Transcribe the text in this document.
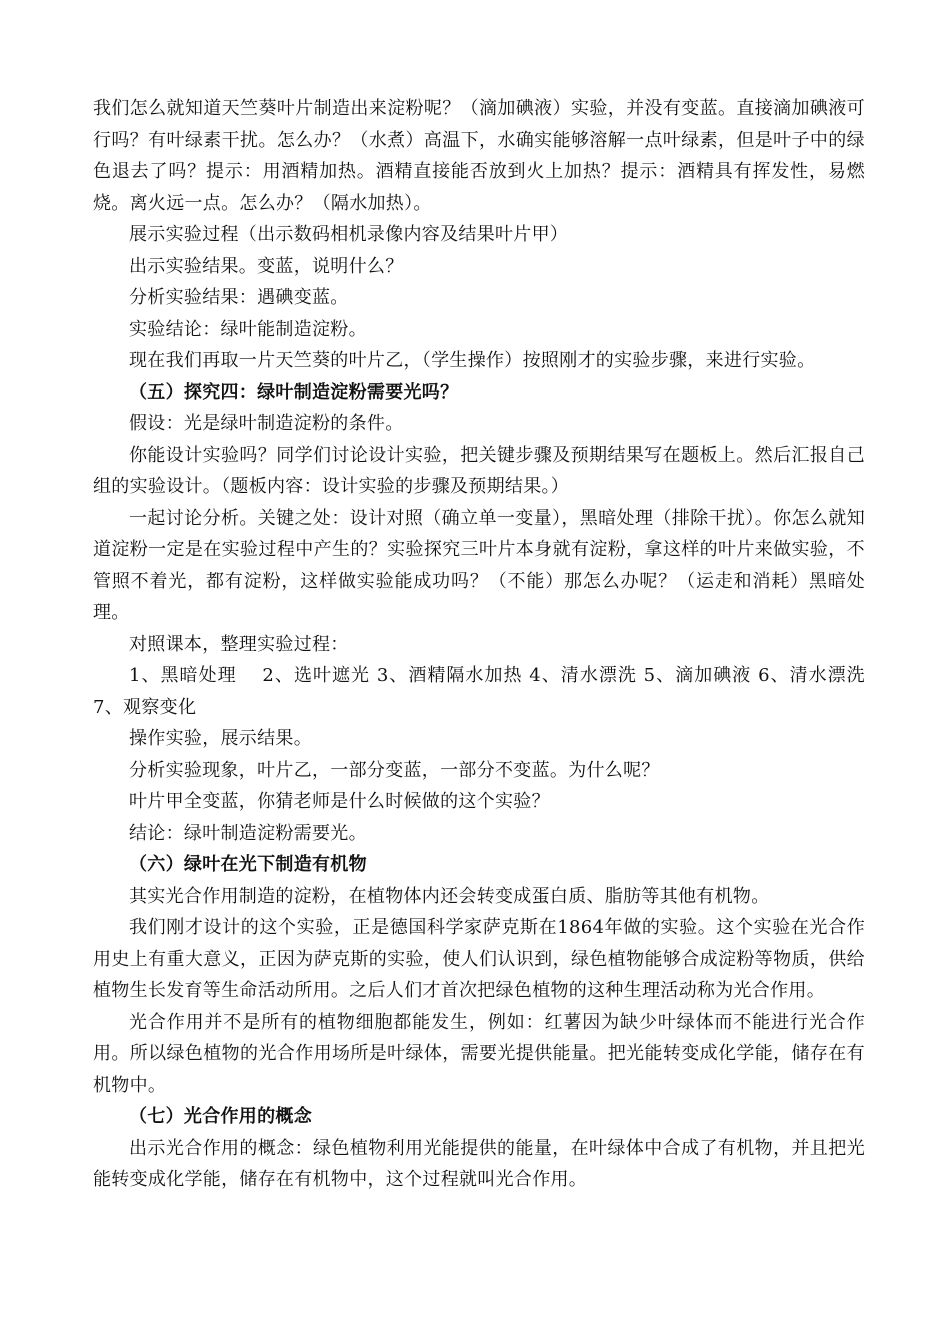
我们怎么就知道天竺葵叶片制造出来淀粉呢？（滴加碘液）实验，并没有变蓝。直接滴加碘液可行吗？有叶绿素干扰。怎么办？（水煮）高温下，水确实能够溶解一点叶绿素，但是叶子中的绿色退去了吗？提示：用酒精加热。酒精直接能否放到火上加热？提示：酒精具有挥发性，易燃烧。离火远一点。怎么办？（隔水加热）。

展示实验过程（出示数码相机录像内容及结果叶片甲）

出示实验结果。变蓝，说明什么？

分析实验结果：遇碘变蓝。

实验结论：绿叶能制造淀粉。

现在我们再取一片天竺葵的叶片乙，（学生操作）按照刚才的实验步骤，来进行实验。

（五）探究四：绿叶制造淀粉需要光吗？

假设：光是绿叶制造淀粉的条件。

你能设计实验吗？同学们讨论设计实验，把关键步骤及预期结果写在题板上。然后汇报自己组的实验设计。（题板内容：设计实验的步骤及预期结果。）

一起讨论分析。关键之处：设计对照（确立单一变量），黑暗处理（排除干扰）。你怎么就知道淀粉一定是在实验过程中产生的？实验探究三叶片本身就有淀粉，拿这样的叶片来做实验，不管照不着光，都有淀粉，这样做实验能成功吗？（不能）那怎么办呢？（运走和消耗）黑暗处理。

对照课本，整理实验过程：

1、黑暗处理　 2、选叶遮光 3、酒精隔水加热 4、清水漂洗 5、滴加碘液 6、清水漂洗 7、观察变化

操作实验，展示结果。

分析实验现象，叶片乙，一部分变蓝，一部分不变蓝。为什么呢？

叶片甲全变蓝，你猜老师是什么时候做的这个实验？

结论：绿叶制造淀粉需要光。

（六）绿叶在光下制造有机物

其实光合作用制造的淀粉，在植物体内还会转变成蛋白质、脂肪等其他有机物。

我们刚才设计的这个实验，正是德国科学家萨克斯在1864年做的实验。这个实验在光合作用史上有重大意义，正因为萨克斯的实验，使人们认识到，绿色植物能够合成淀粉等物质，供给植物生长发育等生命活动所用。之后人们才首次把绿色植物的这种生理活动称为光合作用。

光合作用并不是所有的植物细胞都能发生，例如：红薯因为缺少叶绿体而不能进行光合作用。所以绿色植物的光合作用场所是叶绿体，需要光提供能量。把光能转变成化学能，储存在有机物中。

（七）光合作用的概念

出示光合作用的概念：绿色植物利用光能提供的能量，在叶绿体中合成了有机物，并且把光能转变成化学能，储存在有机物中，这个过程就叫光合作用。
